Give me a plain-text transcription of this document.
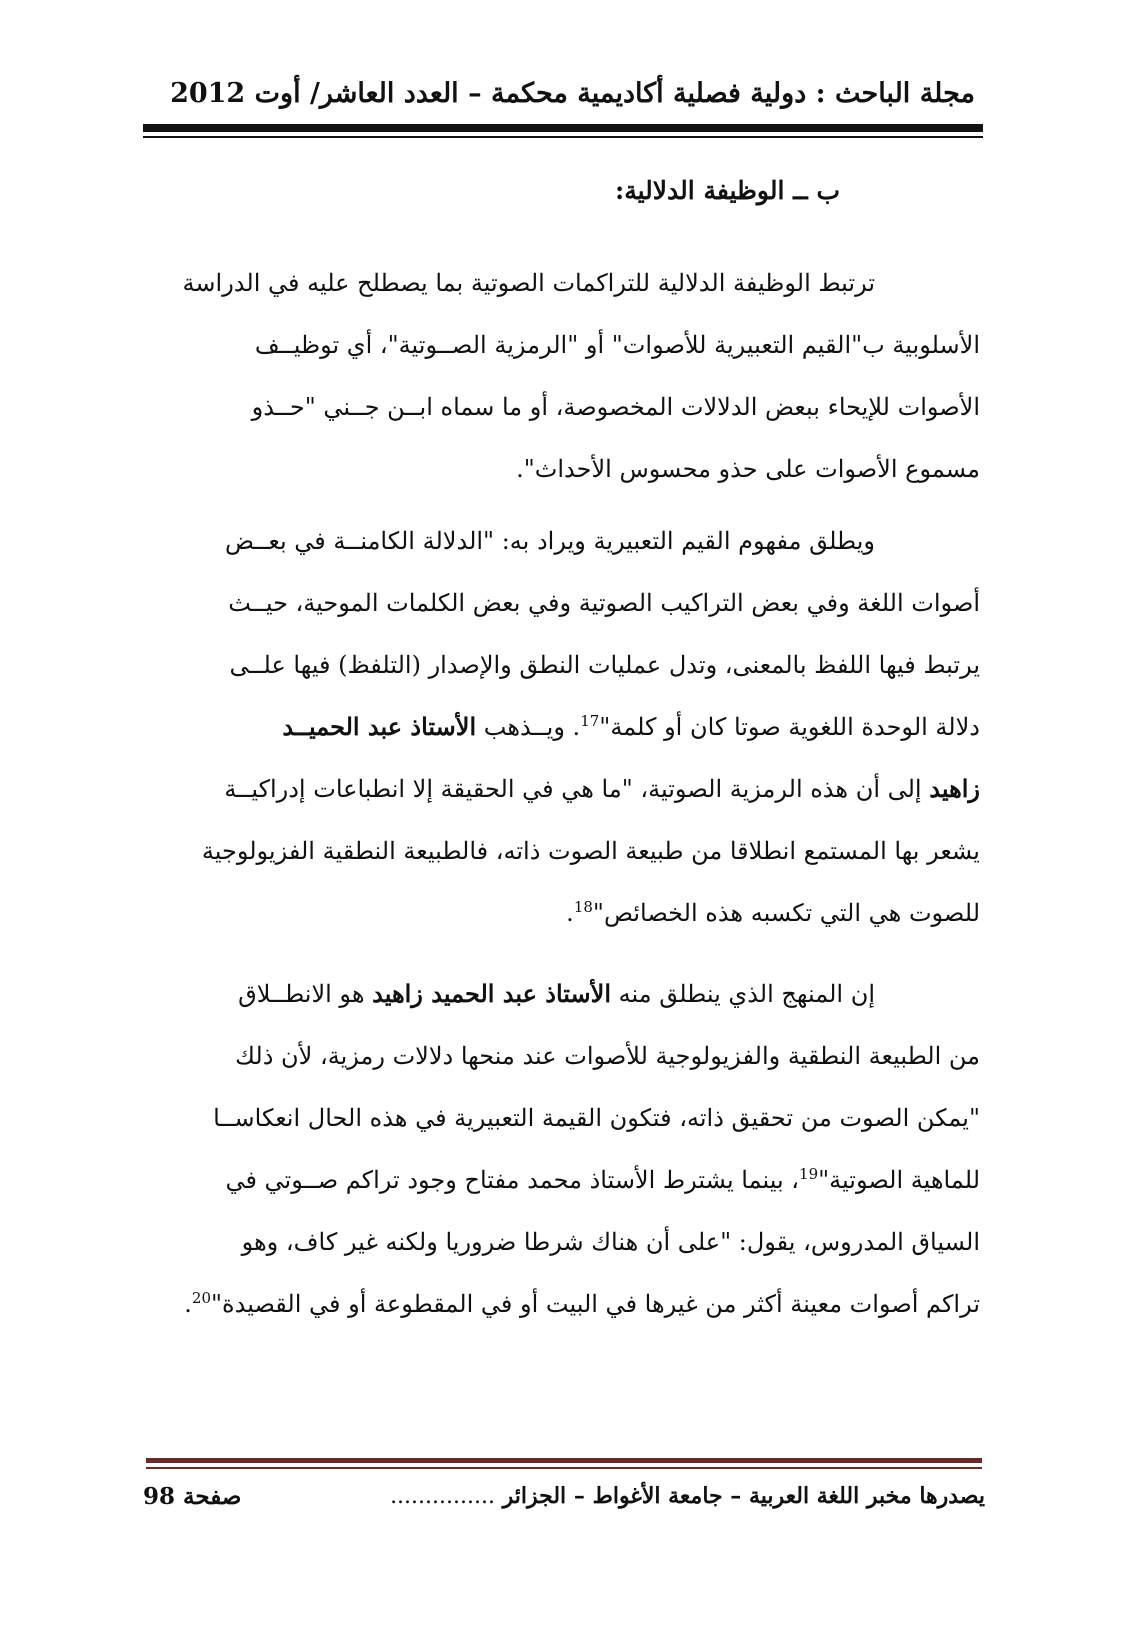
مجلة الباحث : دولية فصلية أكاديمية محكمة – العدد العاشر/ أوت 2012
ب ــ الوظيفة الدلالية:

ترتبط الوظيفة الدلالية للتراكمات الصوتية بما يصطلح عليه في الدراسة
الأسلوبية ب"القيم التعبيرية للأصوات" أو "الرمزية الصــوتية"، أي توظيــف
الأصوات للإيحاء ببعض الدلالات المخصوصة، أو ما سماه ابــن جــني "حــذو
مسموع الأصوات على حذو محسوس الأحداث".

ويطلق مفهوم القيم التعبيرية ويراد به: "الدلالة الكامنــة في بعــض
أصوات اللغة وفي بعض التراكيب الصوتية وفي بعض الكلمات الموحية، حيــث
يرتبط فيها اللفظ بالمعنى، وتدل عمليات النطق والإصدار (التلفظ) فيها علــى
دلالة الوحدة اللغوية صوتا كان أو كلمة"$^{17}$. ويــذهب الأستاذ عبد الحميــد
زاهيد إلى أن هذه الرمزية الصوتية، "ما هي في الحقيقة إلا انطباعات إدراكيــة
يشعر بها المستمع انطلاقا من طبيعة الصوت ذاته، فالطبيعة النطقية الفزيولوجية
للصوت هي التي تكسبه هذه الخصائص"$^{18}$.

إن المنهج الذي ينطلق منه الأستاذ عبد الحميد زاهيد هو الانطــلاق
من الطبيعة النطقية والفزيولوجية للأصوات عند منحها دلالات رمزية، لأن ذلك
"يمكن الصوت من تحقيق ذاته، فتكون القيمة التعبيرية في هذه الحال انعكاســا
للماهية الصوتية"$^{19}$، بينما يشترط الأستاذ محمد مفتاح وجود تراكم صــوتي في
السياق المدروس، يقول: "على أن هناك شرطا ضروريا ولكنه غير كاف، وهو
تراكم أصوات معينة أكثر من غيرها في البيت أو في المقطوعة أو في القصيدة"$^{20}$.

يصدرها مخبر اللغة العربية – جامعة الأغواط – الجزائر ...............
صفحة 98
